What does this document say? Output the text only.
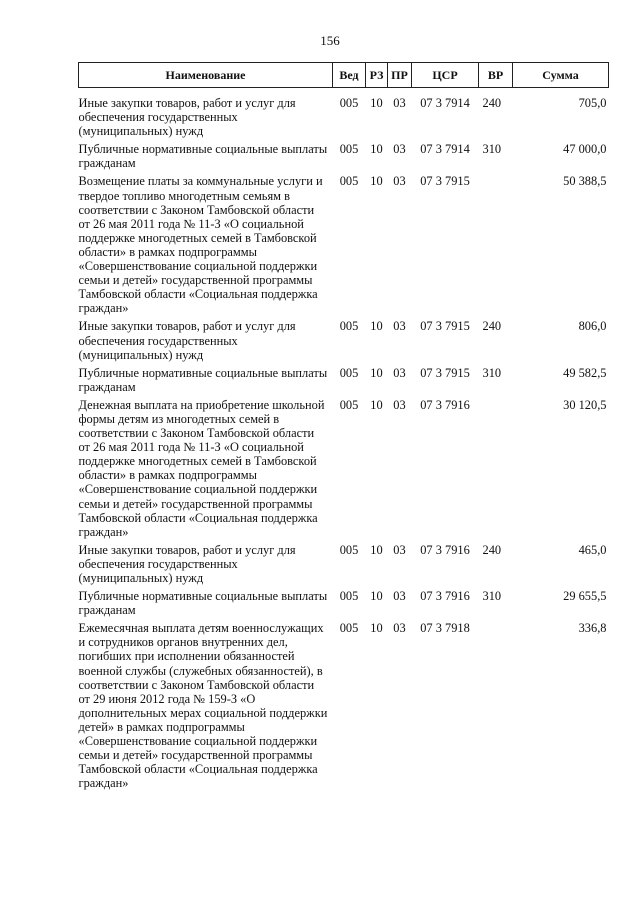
156
Наименование	Вед	РЗ	ПР	ЦСР	ВР	Сумма
Иные закупки товаров, работ и услуг для обеспечения государственных (муниципальных) нужд	005	10	03	07 3 7914	240	705,0
Публичные нормативные социальные выплаты гражданам	005	10	03	07 3 7914	310	47 000,0
Возмещение платы за коммунальные услуги и твердое топливо многодетным семьям в соответствии с Законом Тамбовской области от 26 мая 2011 года № 11-З «О социальной поддержке многодетных семей в Тамбовской области» в рамках подпрограммы «Совершенствование социальной поддержки семьи и детей» государственной программы Тамбовской области «Социальная поддержка граждан»	005	10	03	07 3 7915		50 388,5
Иные закупки товаров, работ и услуг для обеспечения государственных (муниципальных) нужд	005	10	03	07 3 7915	240	806,0
Публичные нормативные социальные выплаты гражданам	005	10	03	07 3 7915	310	49 582,5
Денежная выплата на приобретение школьной формы детям из многодетных семей в соответствии с Законом Тамбовской области от 26 мая 2011 года № 11-З «О социальной поддержке многодетных семей в Тамбовской области» в рамках подпрограммы «Совершенствование социальной поддержки семьи и детей» государственной программы Тамбовской области «Социальная поддержка граждан»	005	10	03	07 3 7916		30 120,5
Иные закупки товаров, работ и услуг для обеспечения государственных (муниципальных) нужд	005	10	03	07 3 7916	240	465,0
Публичные нормативные социальные выплаты гражданам	005	10	03	07 3 7916	310	29 655,5
Ежемесячная выплата детям военнослужащих и сотрудников органов внутренних дел, погибших при исполнении обязанностей военной службы (служебных обязанностей), в соответствии с Законом Тамбовской области от 29 июня 2012 года № 159-З «О дополнительных мерах социальной поддержки детей» в рамках подпрограммы «Совершенствование социальной поддержки семьи и детей» государственной программы Тамбовской области «Социальная поддержка граждан»	005	10	03	07 3 7918		336,8
